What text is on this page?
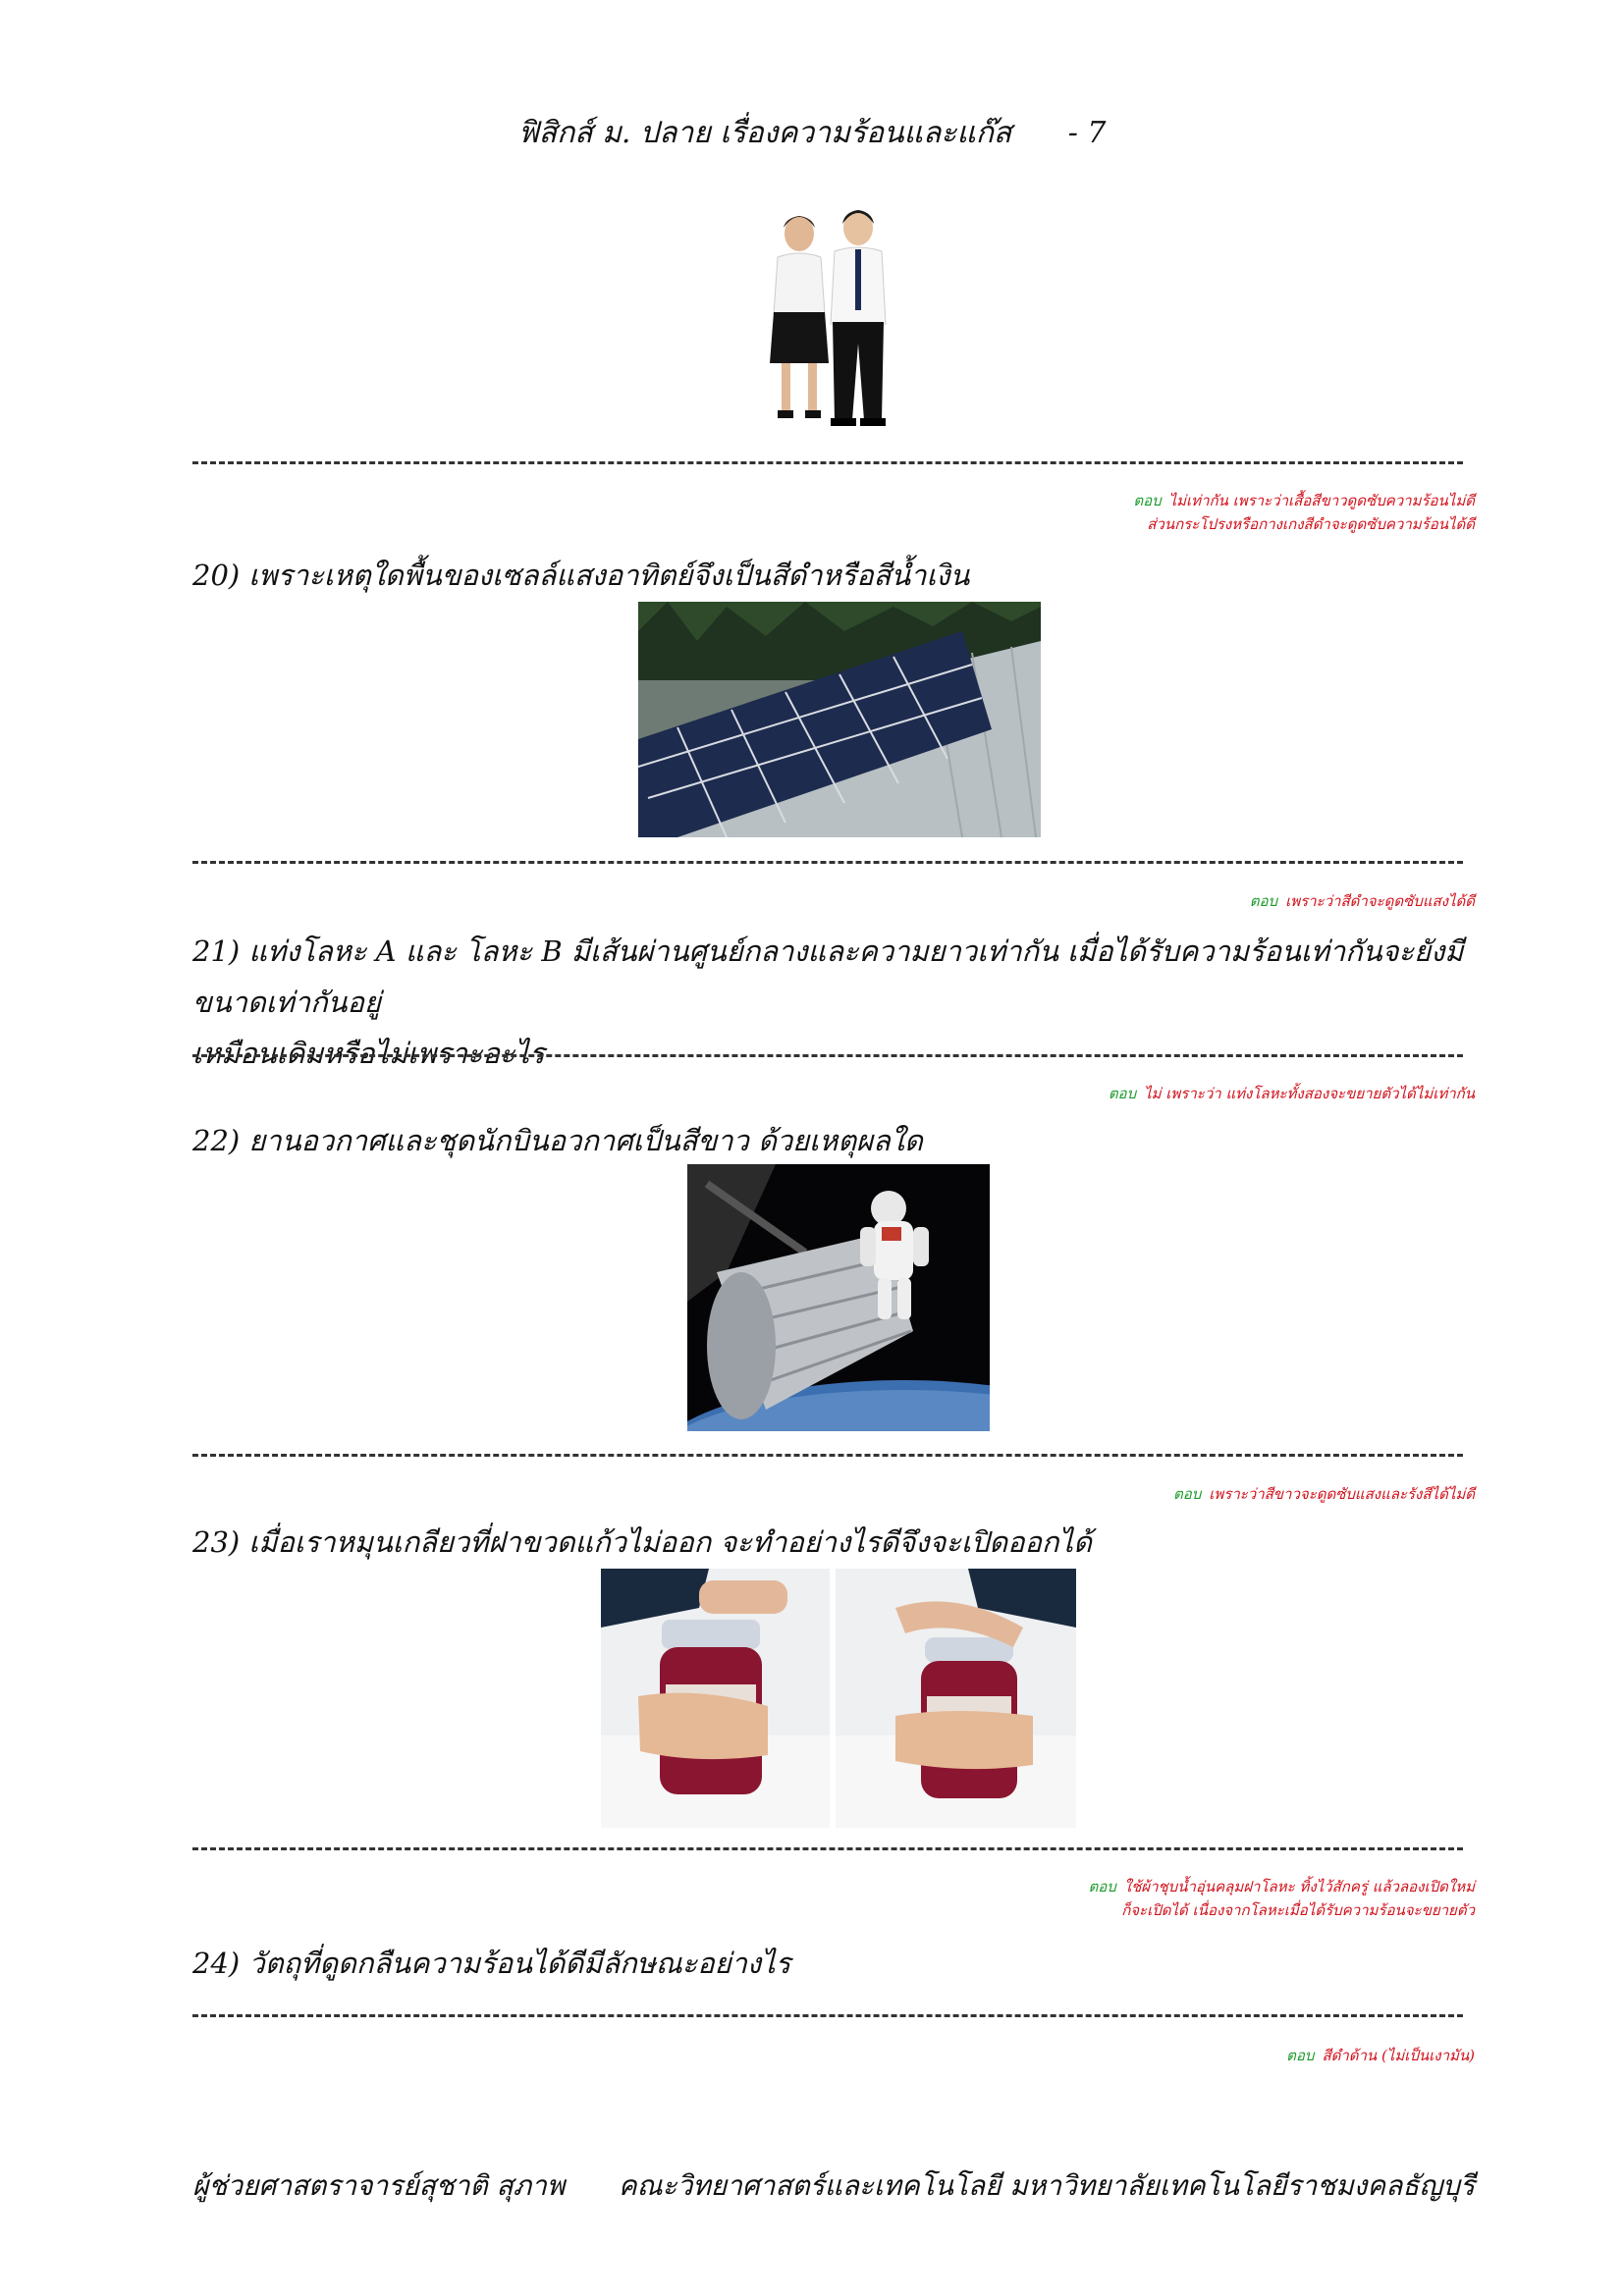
ฟิสิกส์ ม. ปลาย เรื่องความร้อนและแก๊ส - 7
ตอบ ไม่เท่ากัน เพราะว่าเสื้อสีขาวดูดซับความร้อนไม่ดี
ส่วนกระโปรงหรือกางเกงสีดำจะดูดซับความร้อนได้ดี
20) เพราะเหตุใดพื้นของเซลล์แสงอาทิตย์จึงเป็นสีดำหรือสีน้ำเงิน
ตอบ เพราะว่าสีดำจะดูดซับแสงได้ดี
21) แท่งโลหะ A และ โลหะ B มีเส้นผ่านศูนย์กลางและความยาวเท่ากัน เมื่อได้รับความร้อนเท่ากันจะยังมีขนาดเท่ากันอยู่
เหมือนเดิมหรือไม่เพราะอะไร
ตอบ ไม่ เพราะว่า แท่งโลหะทั้งสองจะขยายตัวได้ไม่เท่ากัน
22) ยานอวกาศและชุดนักบินอวกาศเป็นสีขาว ด้วยเหตุผลใด
ตอบ เพราะว่าสีขาวจะดูดซับแสงและรังสีได้ไม่ดี
23) เมื่อเราหมุนเกลียวที่ฝาขวดแก้วไม่ออก จะทำอย่างไรดีจึงจะเปิดออกได้
ตอบ ใช้ผ้าชุบน้ำอุ่นคลุมฝาโลหะ ทิ้งไว้สักครู่ แล้วลองเปิดใหม่
ก็จะเปิดได้ เนื่องจากโลหะเมื่อได้รับความร้อนจะขยายตัว
24) วัตถุที่ดูดกลืนความร้อนได้ดีมีลักษณะอย่างไร
ตอบ สีดำด้าน (ไม่เป็นเงามัน)
ผู้ช่วยศาสตราจารย์สุชาติ สุภาพ คณะวิทยาศาสตร์และเทคโนโลยี มหาวิทยาลัยเทคโนโลยีราชมงคลธัญบุรี
